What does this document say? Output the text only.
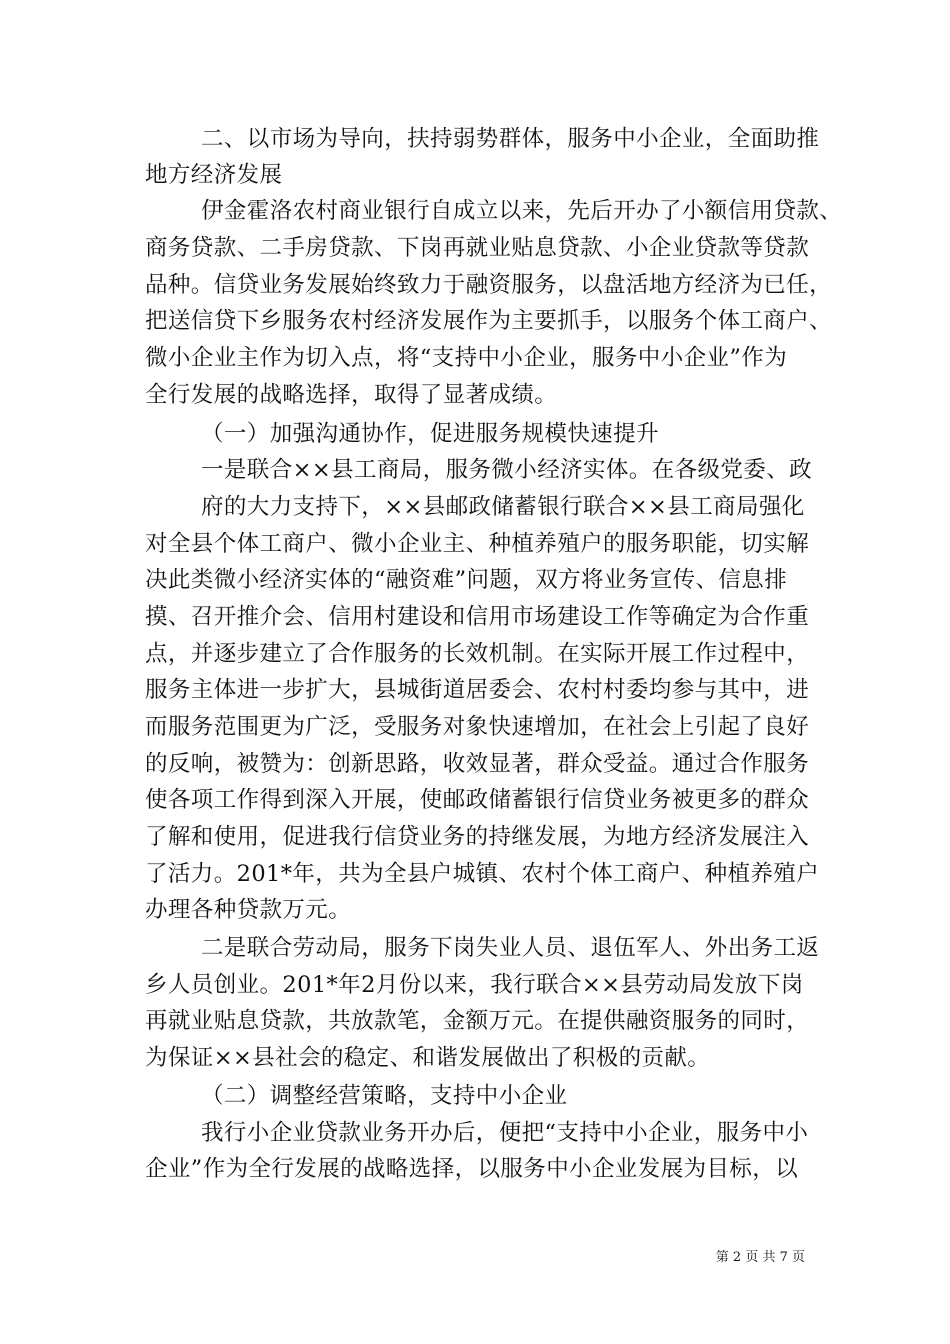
二、以市场为导向，扶持弱势群体，服务中小企业，全面助推
地方经济发展
伊金霍洛农村商业银行自成立以来，先后开办了小额信用贷款、
商务贷款、二手房贷款、下岗再就业贴息贷款、小企业贷款等贷款
品种。信贷业务发展始终致力于融资服务，以盘活地方经济为已任，
把送信贷下乡服务农村经济发展作为主要抓手，以服务个体工商户、
微小企业主作为切入点，将“支持中小企业，服务中小企业”作为
全行发展的战略选择，取得了显著成绩。
（一）加强沟通协作，促进服务规模快速提升
一是联合××县工商局，服务微小经济实体。在各级党委、政
府的大力支持下，××县邮政储蓄银行联合××县工商局强化
对全县个体工商户、微小企业主、种植养殖户的服务职能，切实解
决此类微小经济实体的“融资难”问题，双方将业务宣传、信息排
摸、召开推介会、信用村建设和信用市场建设工作等确定为合作重
点，并逐步建立了合作服务的长效机制。在实际开展工作过程中，
服务主体进一步扩大，县城街道居委会、农村村委均参与其中，进
而服务范围更为广泛，受服务对象快速增加，在社会上引起了良好
的反响，被赞为：创新思路，收效显著，群众受益。通过合作服务
使各项工作得到深入开展，使邮政储蓄银行信贷业务被更多的群众
了解和使用，促进我行信贷业务的持继发展，为地方经济发展注入
了活力。201*年，共为全县户城镇、农村个体工商户、种植养殖户
办理各种贷款万元。
二是联合劳动局，服务下岗失业人员、退伍军人、外出务工返
乡人员创业。201*年2月份以来，我行联合××县劳动局发放下岗
再就业贴息贷款，共放款笔，金额万元。在提供融资服务的同时，
为保证××县社会的稳定、和谐发展做出了积极的贡献。
（二）调整经营策略，支持中小企业
我行小企业贷款业务开办后，便把“支持中小企业，服务中小
企业”作为全行发展的战略选择，以服务中小企业发展为目标，以
第 2 页 共 7 页
